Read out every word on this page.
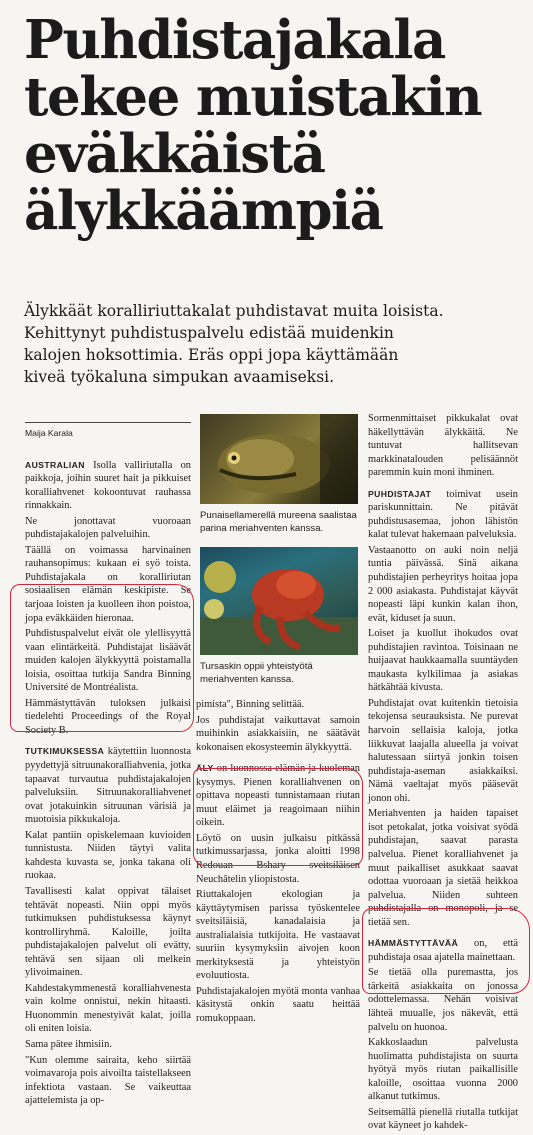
Puhdistajakala
tekee muistakin
eväkkäistä
älykkäämpiä

Älykkäät koralliriuttakalat puhdistavat muita loisista.
Kehittynyt puhdistuspalvelu edistää muidenkin
kalojen hoksottimia. Eräs oppi jopa käyttämään
kiveä työkaluna simpukan avaamiseksi.

Maija Karala

AUSTRALIAN Isolla valliriutalla on paikkoja, joihin suuret hait ja pikkuiset koralliahvenet kokoontuvat rauhassa rinnakkain.

Ne jonottavat vuoroaan puhdistajakalojen palveluihin.

Täällä on voimassa harvinainen rauhansopimus: kukaan ei syö toista. Puhdistajakala on koralliriutan sosiaalisen elämän keskipiste. Se tarjoaa loisten ja kuolleen ihon poistoa, jopa eväkkäiden hieronaa.

Puhdistuspalvelut eivät ole ylellisyyttä vaan elintärkeitä. Puhdistajat lisäävät muiden kalojen älykkyyttä poistamalla loisia, osoittaa tutkija Sandra Binning Université de Montréalista.

Hämmästyttävän tuloksen julkaisi tiedelehti Proceedings of the Royal Society B.

TUTKIMUKSESSA käytettiin luonnosta pyydettyjä sitruunakoralliahvenia, jotka tapaavat turvautua puhdistajakalojen palveluksiin. Sitruunakoralliahvenet ovat jotakuinkin sitruunan värisiä ja muotoisia pikkukaloja.

Kalat pantiin opiskelemaan kuvioiden tunnistusta. Niiden täytyi valita kahdesta kuvasta se, jonka takana oli ruokaa.

Tavallisesti kalat oppivat tälaiset tehtävät nopeasti. Niin oppi myös tutkimuksen puhdistuksessa käynyt kontrolliryhmä. Kaloille, joilta puhdistajakalojen palvelut oli evätty, tehtävä sen sijaan oli melkein ylivoimainen.

Kahdestakymmenestä koralliahvenesta vain kolme onnistui, nekin hitaasti. Huonommin menestyivät kalat, joilla oli eniten loisia.

Sama pätee ihmisiin.

"Kun olemme sairaita, keho siirtää voimavaroja pois aivoilta taistellakseen infektiota vastaan. Se vaikeuttaa ajattelemista ja op-

Punaisellamerellä mureena saalistaa parina meriahventen kanssa.
Tursaskin oppii yhteistyötä meriahventen kanssa.

pimista", Binning selittää.

Jos puhdistajat vaikuttavat samoin muihinkin asiakkaisiin, ne säätävät kokonaisen ekosysteemin älykkyyttä.

ÄLY on luonnossa elämän ja kuoleman kysymys. Pienen koralliahvenen on opittava nopeasti tunnistamaan riutan muut eläimet ja reagoimaan niihin oikein.

Löytö on uusin julkaisu pitkässä tutkimussarjassa, jonka aloitti 1998 Redouan Bshary sveitsiläisen Neuchâtelin yliopistosta.

Riuttakalojen ekologian ja käyttäytymisen parissa työskentelee sveitsiläisiä, kanadalaisia ja australialaisia tutkijoita. He vastaavat suuriin kysymyksiin aivojen koon merkityksestä ja yhteistyön evoluutiosta.

Puhdistajakalojen myötä monta vanhaa käsitystä onkin saatu heittää romukoppaan.

Sormenmittaiset pikkukalat ovat häkellyttävän älykkäitä. Ne tuntuvat hallitsevan markkinatalouden pelisäännöt paremmin kuin moni ihminen.

PUHDISTAJAT toimivat usein pariskunnittain. Ne pitävät puhdistusasemaa, johon lähistön kalat tulevat hakemaan palveluksia.

Vastaanotto on auki noin neljä tuntia päivässä. Sinä aikana puhdistajien perheyritys hoitaa jopa 2 000 asiakasta. Puhdistajat käyvät nopeasti läpi kunkin kalan ihon, evät, kiduset ja suun.

Loiset ja kuollut ihokudos ovat puhdistajien ravintoa. Toisinaan ne huijaavat haukkaamalla suuntäyden maukasta kylkilimaa ja asiakas hätkähtää kivusta.

Puhdistajat ovat kuitenkin tietoisia tekojensa seurauksista. Ne purevat harvoin sellaisia kaloja, jotka liikkuvat laajalla alueella ja voivat halutessaan siirtyä jonkin toisen puhdistaja-aseman asiakkaiksi. Nämä vaeltajat myös pääsevät jonon ohi.

Meriahventen ja haiden tapaiset isot petokalat, jotka voisivat syödä puhdistajan, saavat parasta palvelua. Pienet koralliahvenet ja muut paikalliset asukkaat saavat odottaa vuoroaan ja sietää heikkoa palvelua. Niiden suhteen puhdistajalla on monopoli, ja se tietää sen.

HÄMMÄSTYTTÄVÄÄ on, että puhdistaja osaa ajatella mainettaan.

Se tietää olla puremastta, jos tärkeitä asiakkaita on jonossa odottelemassa. Nehän voisivat lähteä muualle, jos näkevät, että palvelu on huonoa.

Kakkoslaadun palvelusta huolimatta puhdistajista on suurta hyötyä myös riutan paikallisille kaloille, osoittaa vuonna 2000 alkanut tutkimus.

Seitsemällä pienellä riutalla tutkijat ovat käyneet jo kahdek-
